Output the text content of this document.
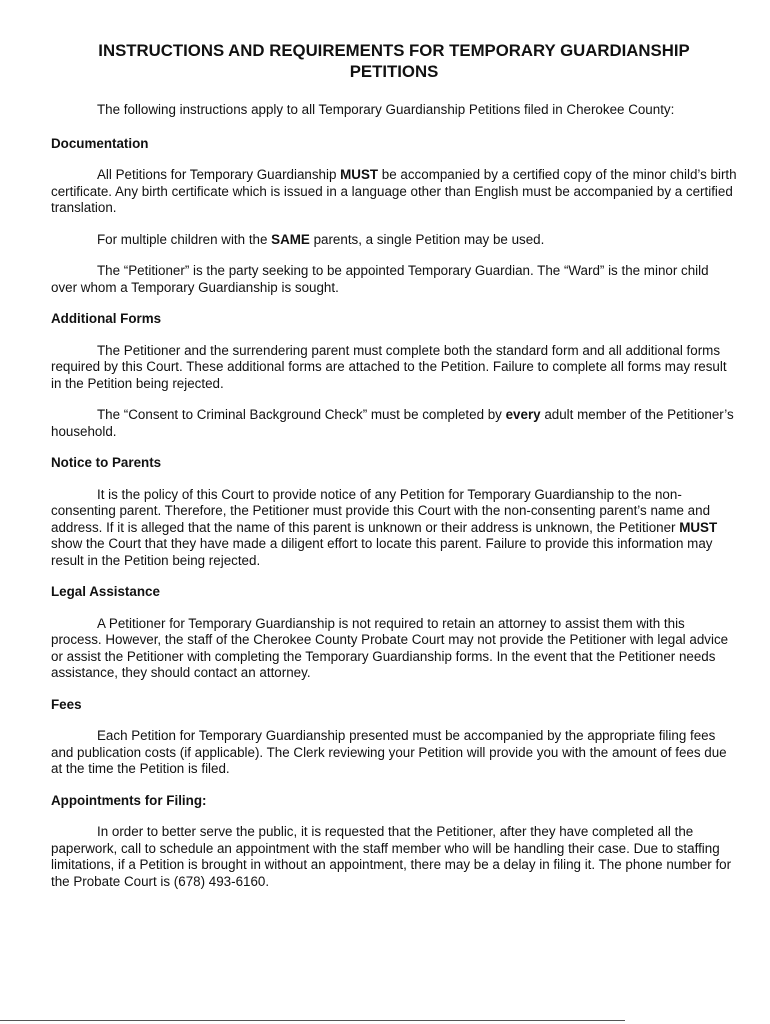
INSTRUCTIONS AND REQUIREMENTS FOR TEMPORARY GUARDIANSHIP PETITIONS

The following instructions apply to all Temporary Guardianship Petitions filed in Cherokee County:

Documentation

All Petitions for Temporary Guardianship MUST be accompanied by a certified copy of the minor child’s birth certificate. Any birth certificate which is issued in a language other than English must be accompanied by a certified translation.

For multiple children with the SAME parents, a single Petition may be used.

The “Petitioner” is the party seeking to be appointed Temporary Guardian. The “Ward” is the minor child over whom a Temporary Guardianship is sought.

Additional Forms

The Petitioner and the surrendering parent must complete both the standard form and all additional forms required by this Court. These additional forms are attached to the Petition. Failure to complete all forms may result in the Petition being rejected.

The “Consent to Criminal Background Check” must be completed by every adult member of the Petitioner’s household.

Notice to Parents

It is the policy of this Court to provide notice of any Petition for Temporary Guardianship to the non-consenting parent. Therefore, the Petitioner must provide this Court with the non-consenting parent’s name and address. If it is alleged that the name of this parent is unknown or their address is unknown, the Petitioner MUST show the Court that they have made a diligent effort to locate this parent. Failure to provide this information may result in the Petition being rejected.

Legal Assistance

A Petitioner for Temporary Guardianship is not required to retain an attorney to assist them with this process. However, the staff of the Cherokee County Probate Court may not provide the Petitioner with legal advice or assist the Petitioner with completing the Temporary Guardianship forms. In the event that the Petitioner needs assistance, they should contact an attorney.

Fees

Each Petition for Temporary Guardianship presented must be accompanied by the appropriate filing fees and publication costs (if applicable). The Clerk reviewing your Petition will provide you with the amount of fees due at the time the Petition is filed.

Appointments for Filing:

In order to better serve the public, it is requested that the Petitioner, after they have completed all the paperwork, call to schedule an appointment with the staff member who will be handling their case. Due to staffing limitations, if a Petition is brought in without an appointment, there may be a delay in filing it. The phone number for the Probate Court is (678) 493-6160.
